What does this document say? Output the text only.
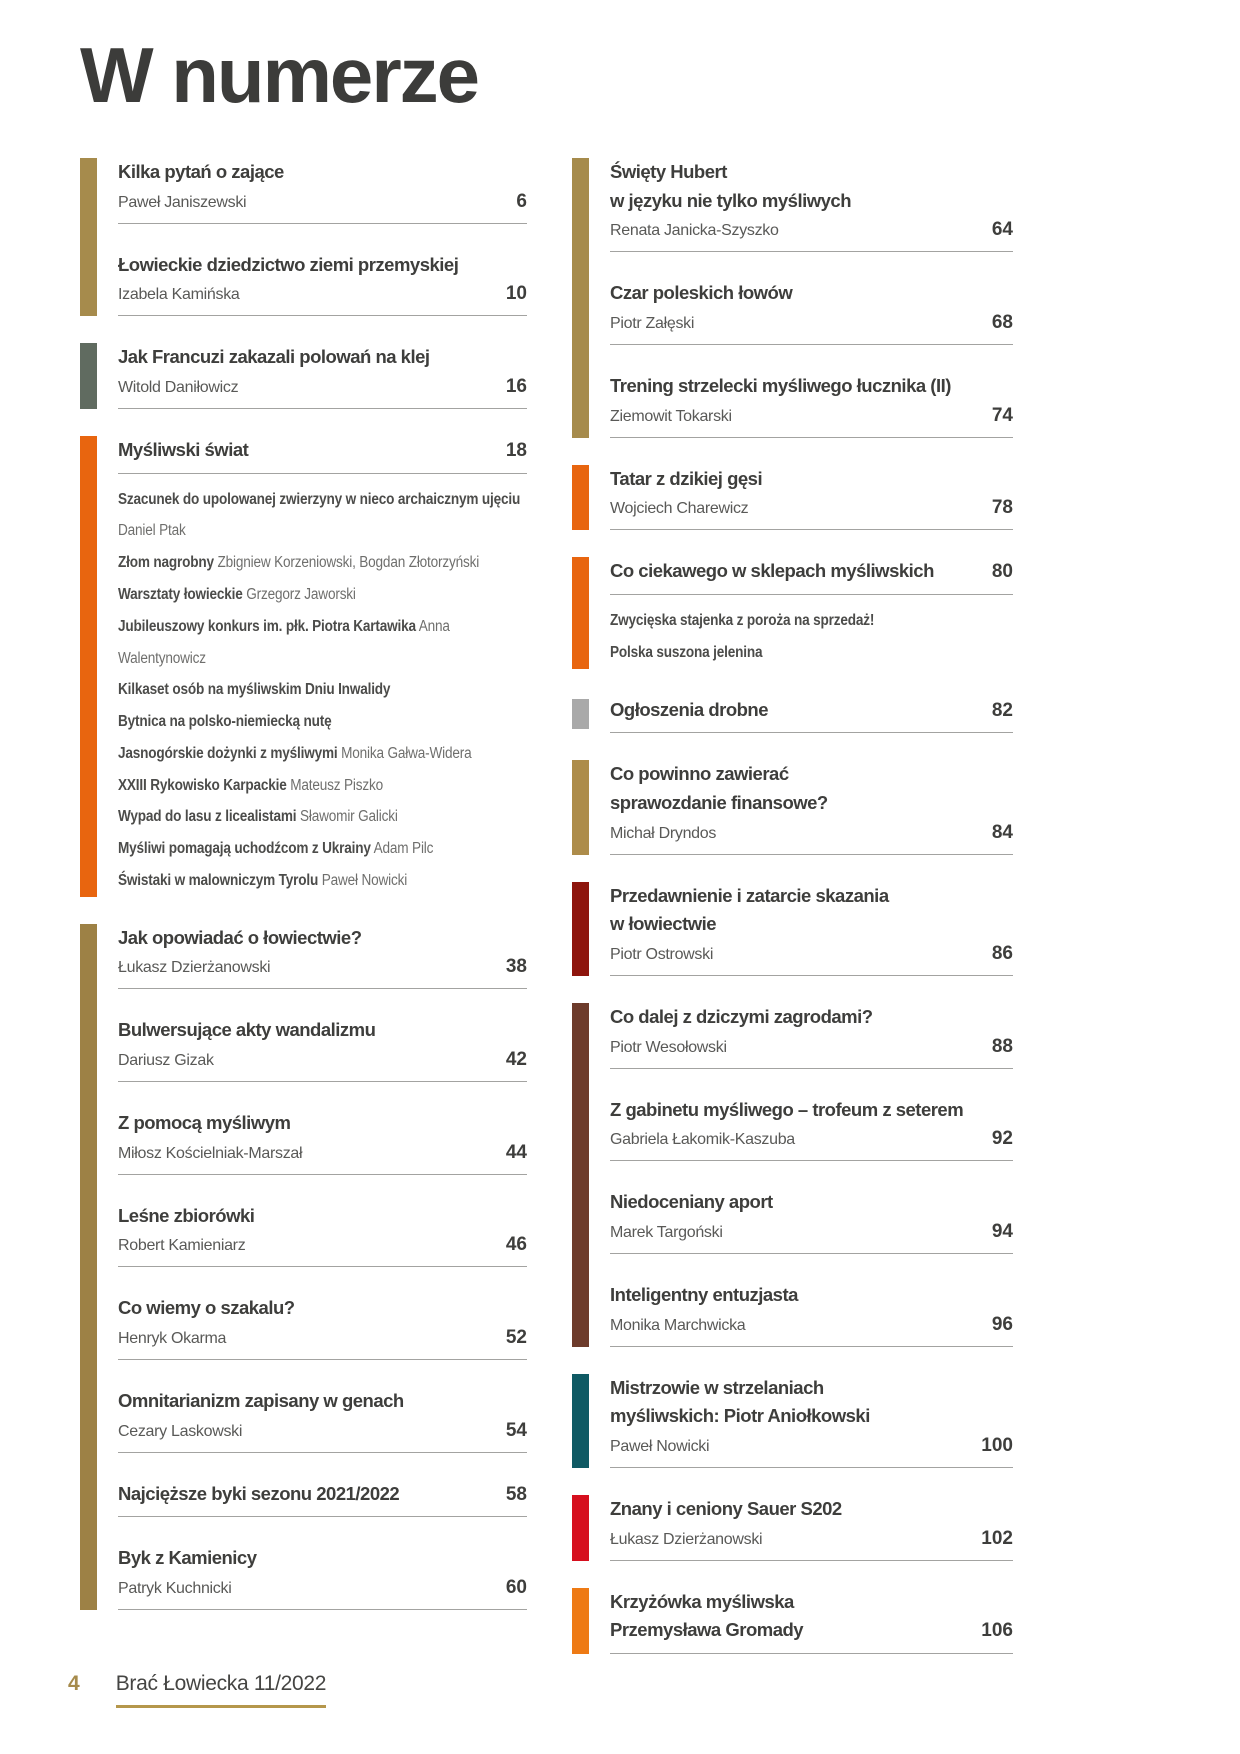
W numerze
Kilka pytań o zające
Paweł Janiszewski	6
Łowieckie dziedzictwo ziemi przemyskiej
Izabela Kamińska	10
Jak Francuzi zakazali polowań na klej
Witold Daniłowicz	16
Myśliwski świat	18
Szacunek do upolowanej zwierzyny w nieco archaicznym ujęciu Daniel Ptak
Złom nagrobny Zbigniew Korzeniowski, Bogdan Złotorzyński
Warsztaty łowieckie Grzegorz Jaworski
Jubileuszowy konkurs im. płk. Piotra Kartawika Anna Walentynowicz
Kilkaset osób na myśliwskim Dniu Inwalidy
Bytnica na polsko-niemiecką nutę
Jasnogórskie dożynki z myśliwymi Monika Gałwa-Widera
XXIII Rykowisko Karpackie Mateusz Piszko
Wypad do lasu z licealistami Sławomir Galicki
Myśliwi pomagają uchodźcom z Ukrainy Adam Pilc
Świstaki w malowniczym Tyrolu Paweł Nowicki
Jak opowiadać o łowiectwie?
Łukasz Dzierżanowski	38
Bulwersujące akty wandalizmu
Dariusz Gizak	42
Z pomocą myśliwym
Miłosz Kościelniak-Marszał	44
Leśne zbiorówki
Robert Kamieniarz	46
Co wiemy o szakalu?
Henryk Okarma	52
Omnitarianizm zapisany w genach
Cezary Laskowski	54
Najcięższe byki sezonu 2021/2022	58
Byk z Kamienicy
Patryk Kuchnicki	60
Święty Hubert
w języku nie tylko myśliwych
Renata Janicka-Szyszko	64
Czar poleskich łowów
Piotr Załęski	68
Trening strzelecki myśliwego łucznika (II)
Ziemowit Tokarski	74
Tatar z dzikiej gęsi
Wojciech Charewicz	78
Co ciekawego w sklepach myśliwskich	80
Zwycięska stajenka z poroża na sprzedaż!
Polska suszona jelenina
Ogłoszenia drobne	82
Co powinno zawierać
sprawozdanie finansowe?
Michał Dryndos	84
Przedawnienie i zatarcie skazania
w łowiectwie
Piotr Ostrowski	86
Co dalej z dziczymi zagrodami?
Piotr Wesołowski	88
Z gabinetu myśliwego – trofeum z seterem
Gabriela Łakomik-Kaszuba	92
Niedoceniany aport
Marek Targoński	94
Inteligentny entuzjasta
Monika Marchwicka	96
Mistrzowie w strzelaniach
myśliwskich: Piotr Aniołkowski
Paweł Nowicki	100
Znany i ceniony Sauer S202
Łukasz Dzierżanowski	102
Krzyżówka myśliwska
Przemysława Gromady	106
4 Brać Łowiecka 11/2022
